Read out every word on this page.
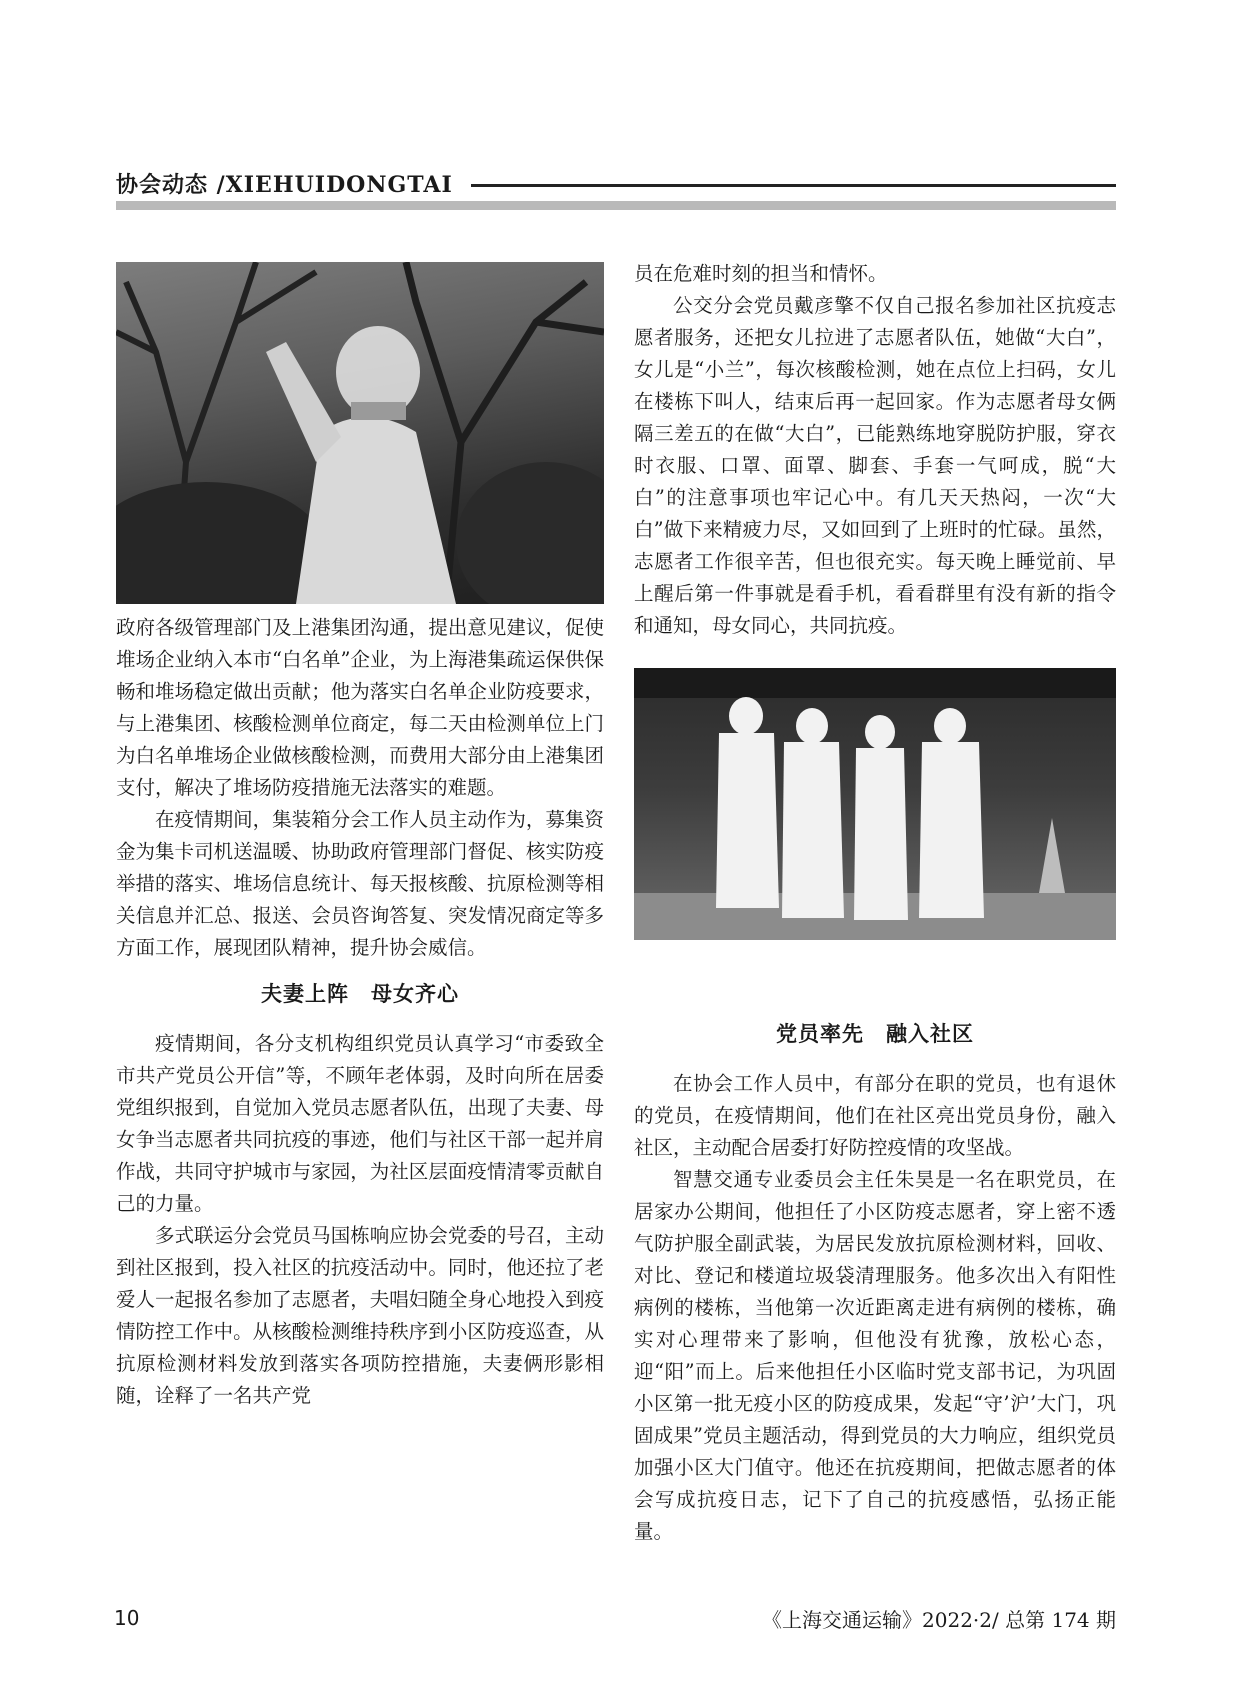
协会动态 /XIEHUIDONGTAI

政府各级管理部门及上港集团沟通，提出意见建议，促使堆场企业纳入本市“白名单”企业，为上海港集疏运保供保畅和堆场稳定做出贡献；他为落实白名单企业防疫要求，与上港集团、核酸检测单位商定，每二天由检测单位上门为白名单堆场企业做核酸检测，而费用大部分由上港集团支付，解决了堆场防疫措施无法落实的难题。

在疫情期间，集装箱分会工作人员主动作为，募集资金为集卡司机送温暖、协助政府管理部门督促、核实防疫举措的落实、堆场信息统计、每天报核酸、抗原检测等相关信息并汇总、报送、会员咨询答复、突发情况商定等多方面工作，展现团队精神，提升协会威信。

夫妻上阵　母女齐心

疫情期间，各分支机构组织党员认真学习“市委致全市共产党员公开信”等，不顾年老体弱，及时向所在居委党组织报到，自觉加入党员志愿者队伍，出现了夫妻、母女争当志愿者共同抗疫的事迹，他们与社区干部一起并肩作战，共同守护城市与家园，为社区层面疫情清零贡献自己的力量。

多式联运分会党员马国栋响应协会党委的号召，主动到社区报到，投入社区的抗疫活动中。同时，他还拉了老爱人一起报名参加了志愿者，夫唱妇随全身心地投入到疫情防控工作中。从核酸检测维持秩序到小区防疫巡查，从抗原检测材料发放到落实各项防控措施，夫妻俩形影相随，诠释了一名共产党

员在危难时刻的担当和情怀。

公交分会党员戴彦擎不仅自己报名参加社区抗疫志愿者服务，还把女儿拉进了志愿者队伍，她做“大白”，女儿是“小兰”，每次核酸检测，她在点位上扫码，女儿在楼栋下叫人，结束后再一起回家。作为志愿者母女俩隔三差五的在做“大白”，已能熟练地穿脱防护服，穿衣时衣服、口罩、面罩、脚套、手套一气呵成，脱“大白”的注意事项也牢记心中。有几天天热闷，一次“大白”做下来精疲力尽，又如回到了上班时的忙碌。虽然，志愿者工作很辛苦，但也很充实。每天晚上睡觉前、早上醒后第一件事就是看手机，看看群里有没有新的指令和通知，母女同心，共同抗疫。

党员率先　融入社区

在协会工作人员中，有部分在职的党员，也有退休的党员，在疫情期间，他们在社区亮出党员身份，融入社区，主动配合居委打好防控疫情的攻坚战。

智慧交通专业委员会主任朱昊是一名在职党员，在居家办公期间，他担任了小区防疫志愿者，穿上密不透气防护服全副武装，为居民发放抗原检测材料，回收、对比、登记和楼道垃圾袋清理服务。他多次出入有阳性病例的楼栋，当他第一次近距离走进有病例的楼栋，确实对心理带来了影响，但他没有犹豫，放松心态，迎“阳”而上。后来他担任小区临时党支部书记，为巩固小区第一批无疫小区的防疫成果，发起“守’沪’大门，巩固成果”党员主题活动，得到党员的大力响应，组织党员加强小区大门值守。他还在抗疫期间，把做志愿者的体会写成抗疫日志，记下了自己的抗疫感悟，弘扬正能量。

10	《上海交通运输》2022·2/ 总第 174 期
